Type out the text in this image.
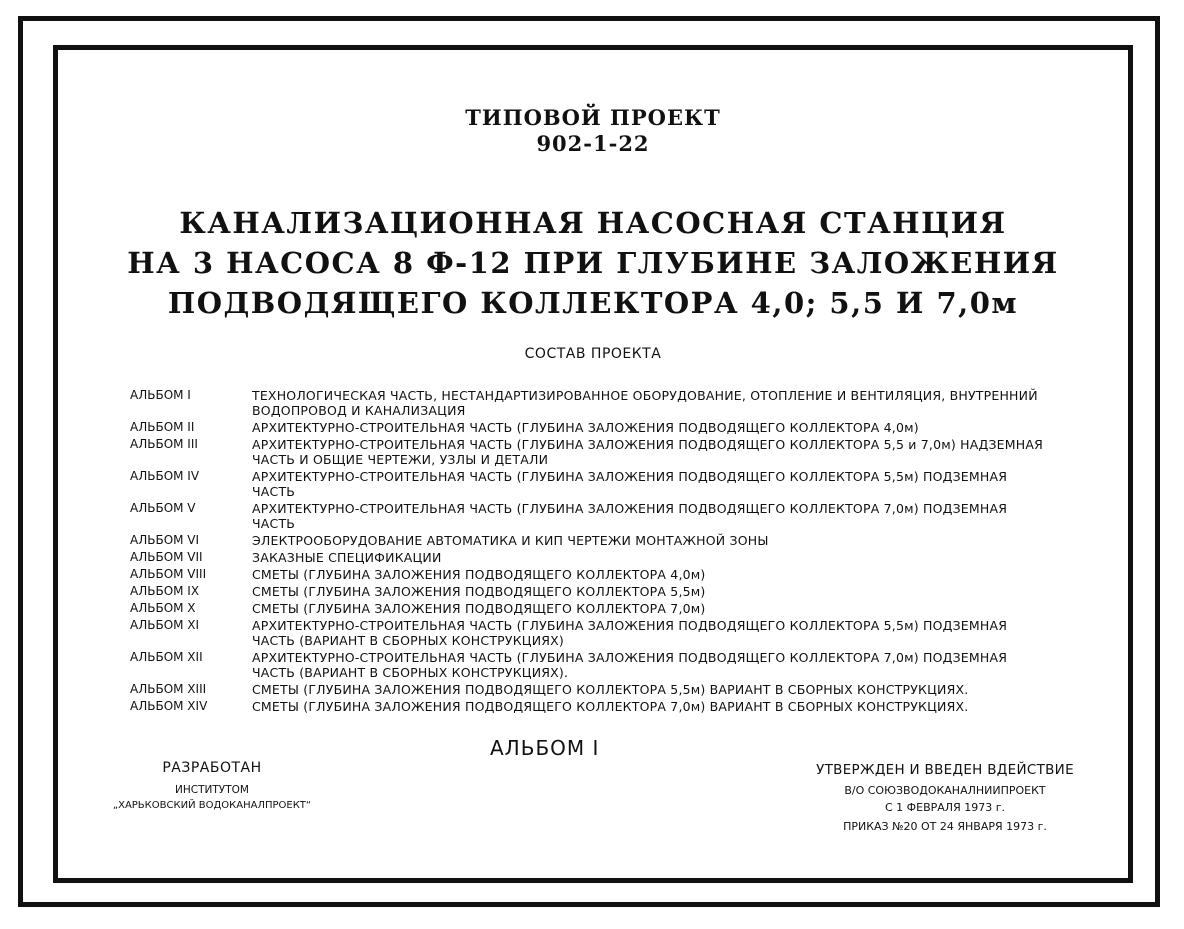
ТИПОВОЙ ПРОЕКТ
902-1-22
КАНАЛИЗАЦИОННАЯ НАСОСНАЯ СТАНЦИЯ
НА 3 НАСОСА 8 Ф-12 ПРИ ГЛУБИНЕ ЗАЛОЖЕНИЯ
ПОДВОДЯЩЕГО КОЛЛЕКТОРА 4,0; 5,5 И 7,0м
СОСТАВ ПРОЕКТА
АЛЬБОМ I	ТЕХНОЛОГИЧЕСКАЯ ЧАСТЬ, НЕСТАНДАРТИЗИРОВАННОЕ ОБОРУДОВАНИЕ, ОТОПЛЕНИЕ И ВЕНТИЛЯЦИЯ, ВНУТРЕННИЙ ВОДОПРОВОД И КАНАЛИЗАЦИЯ
АЛЬБОМ II	АРХИТЕКТУРНО-СТРОИТЕЛЬНАЯ ЧАСТЬ (ГЛУБИНА ЗАЛОЖЕНИЯ ПОДВОДЯЩЕГО КОЛЛЕКТОРА 4,0м)
АЛЬБОМ III	АРХИТЕКТУРНО-СТРОИТЕЛЬНАЯ ЧАСТЬ (ГЛУБИНА ЗАЛОЖЕНИЯ ПОДВОДЯЩЕГО КОЛЛЕКТОРА 5,5 и 7,0м) НАДЗЕМНАЯ ЧАСТЬ И ОБЩИЕ ЧЕРТЕЖИ, УЗЛЫ И ДЕТАЛИ
АЛЬБОМ IV	АРХИТЕКТУРНО-СТРОИТЕЛЬНАЯ ЧАСТЬ (ГЛУБИНА ЗАЛОЖЕНИЯ ПОДВОДЯЩЕГО КОЛЛЕКТОРА 5,5м) ПОДЗЕМНАЯ ЧАСТЬ
АЛЬБОМ V	АРХИТЕКТУРНО-СТРОИТЕЛЬНАЯ ЧАСТЬ (ГЛУБИНА ЗАЛОЖЕНИЯ ПОДВОДЯЩЕГО КОЛЛЕКТОРА 7,0м) ПОДЗЕМНАЯ ЧАСТЬ
АЛЬБОМ VI	ЭЛЕКТРООБОРУДОВАНИЕ АВТОМАТИКА И КИП ЧЕРТЕЖИ МОНТАЖНОЙ ЗОНЫ
АЛЬБОМ VII	ЗАКАЗНЫЕ СПЕЦИФИКАЦИИ
АЛЬБОМ VIII	СМЕТЫ (ГЛУБИНА ЗАЛОЖЕНИЯ ПОДВОДЯЩЕГО КОЛЛЕКТОРА 4,0м)
АЛЬБОМ IX	СМЕТЫ (ГЛУБИНА ЗАЛОЖЕНИЯ ПОДВОДЯЩЕГО КОЛЛЕКТОРА 5,5м)
АЛЬБОМ X	СМЕТЫ (ГЛУБИНА ЗАЛОЖЕНИЯ ПОДВОДЯЩЕГО КОЛЛЕКТОРА 7,0м)
АЛЬБОМ XI	АРХИТЕКТУРНО-СТРОИТЕЛЬНАЯ ЧАСТЬ (ГЛУБИНА ЗАЛОЖЕНИЯ ПОДВОДЯЩЕГО КОЛЛЕКТОРА 5,5м) ПОДЗЕМНАЯ ЧАСТЬ (ВАРИАНТ В СБОРНЫХ КОНСТРУКЦИЯХ)
АЛЬБОМ XII	АРХИТЕКТУРНО-СТРОИТЕЛЬНАЯ ЧАСТЬ (ГЛУБИНА ЗАЛОЖЕНИЯ ПОДВОДЯЩЕГО КОЛЛЕКТОРА 7,0м) ПОДЗЕМНАЯ ЧАСТЬ (ВАРИАНТ В СБОРНЫХ КОНСТРУКЦИЯХ).
АЛЬБОМ XIII	СМЕТЫ (ГЛУБИНА ЗАЛОЖЕНИЯ ПОДВОДЯЩЕГО КОЛЛЕКТОРА 5,5м) ВАРИАНТ В СБОРНЫХ КОНСТРУКЦИЯХ.
АЛЬБОМ XIV	СМЕТЫ (ГЛУБИНА ЗАЛОЖЕНИЯ ПОДВОДЯЩЕГО КОЛЛЕКТОРА 7,0м) ВАРИАНТ В СБОРНЫХ КОНСТРУКЦИЯХ.
АЛЬБОМ I
РАЗРАБОТАН
ИНСТИТУТОМ
„ХАРЬКОВСКИЙ ВОДОКАНАЛПРОЕКТ“
УТВЕРЖДЕН И ВВЕДЕН ВДЕЙСТВИЕ
В/О СОЮЗВОДОКАНАЛНИИПРОЕКТ
С 1 ФЕВРАЛЯ 1973 г.
ПРИКАЗ №20 ОТ 24 ЯНВАРЯ 1973 г.
